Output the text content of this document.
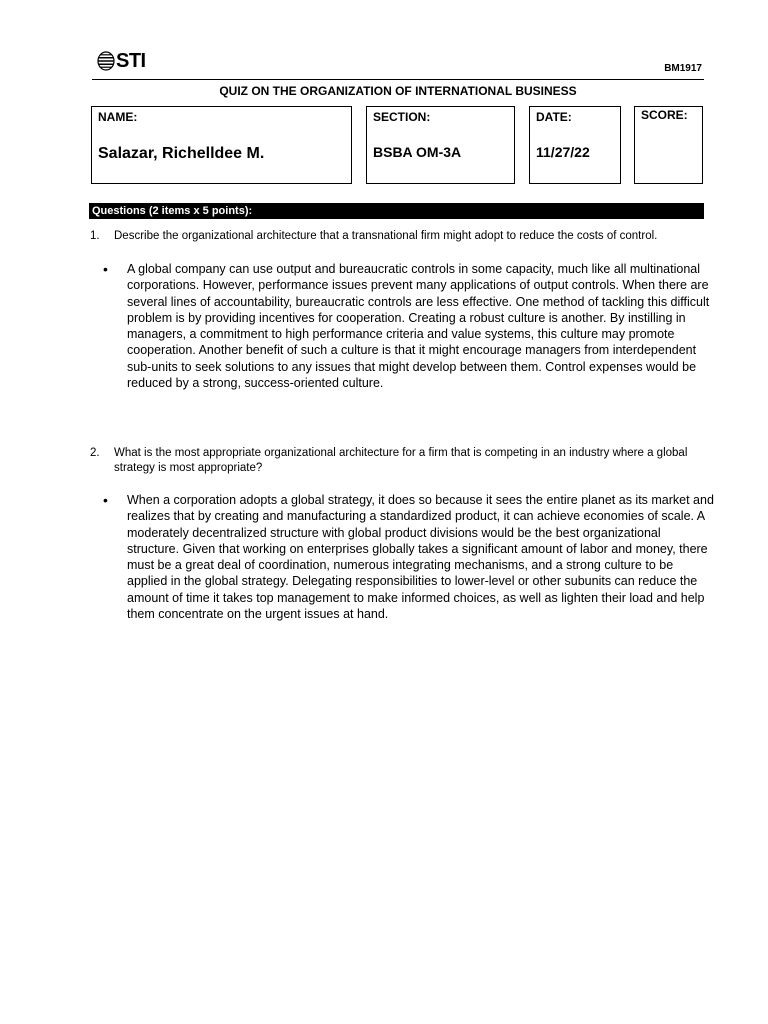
STI	BM1917
QUIZ ON THE ORGANIZATION OF INTERNATIONAL BUSINESS
NAME:
Salazar, Richelldee M.
SECTION:
BSBA OM-3A
DATE:
11/27/22
SCORE:
Questions (2 items x 5 points):
1.	Describe the organizational architecture that a transnational firm might adopt to reduce the costs of control.
•	A global company can use output and bureaucratic controls in some capacity, much like all multinational corporations. However, performance issues prevent many applications of output controls. When there are several lines of accountability, bureaucratic controls are less effective. One method of tackling this difficult problem is by providing incentives for cooperation. Creating a robust culture is another. By instilling in managers, a commitment to high performance criteria and value systems, this culture may promote cooperation. Another benefit of such a culture is that it might encourage managers from interdependent sub-units to seek solutions to any issues that might develop between them. Control expenses would be reduced by a strong, success-oriented culture.
2.	What is the most appropriate organizational architecture for a firm that is competing in an industry where a global strategy is most appropriate?
•	When a corporation adopts a global strategy, it does so because it sees the entire planet as its market and realizes that by creating and manufacturing a standardized product, it can achieve economies of scale. A moderately decentralized structure with global product divisions would be the best organizational structure. Given that working on enterprises globally takes a significant amount of labor and money, there must be a great deal of coordination, numerous integrating mechanisms, and a strong culture to be applied in the global strategy. Delegating responsibilities to lower-level or other subunits can reduce the amount of time it takes top management to make informed choices, as well as lighten their load and help them concentrate on the urgent issues at hand.
